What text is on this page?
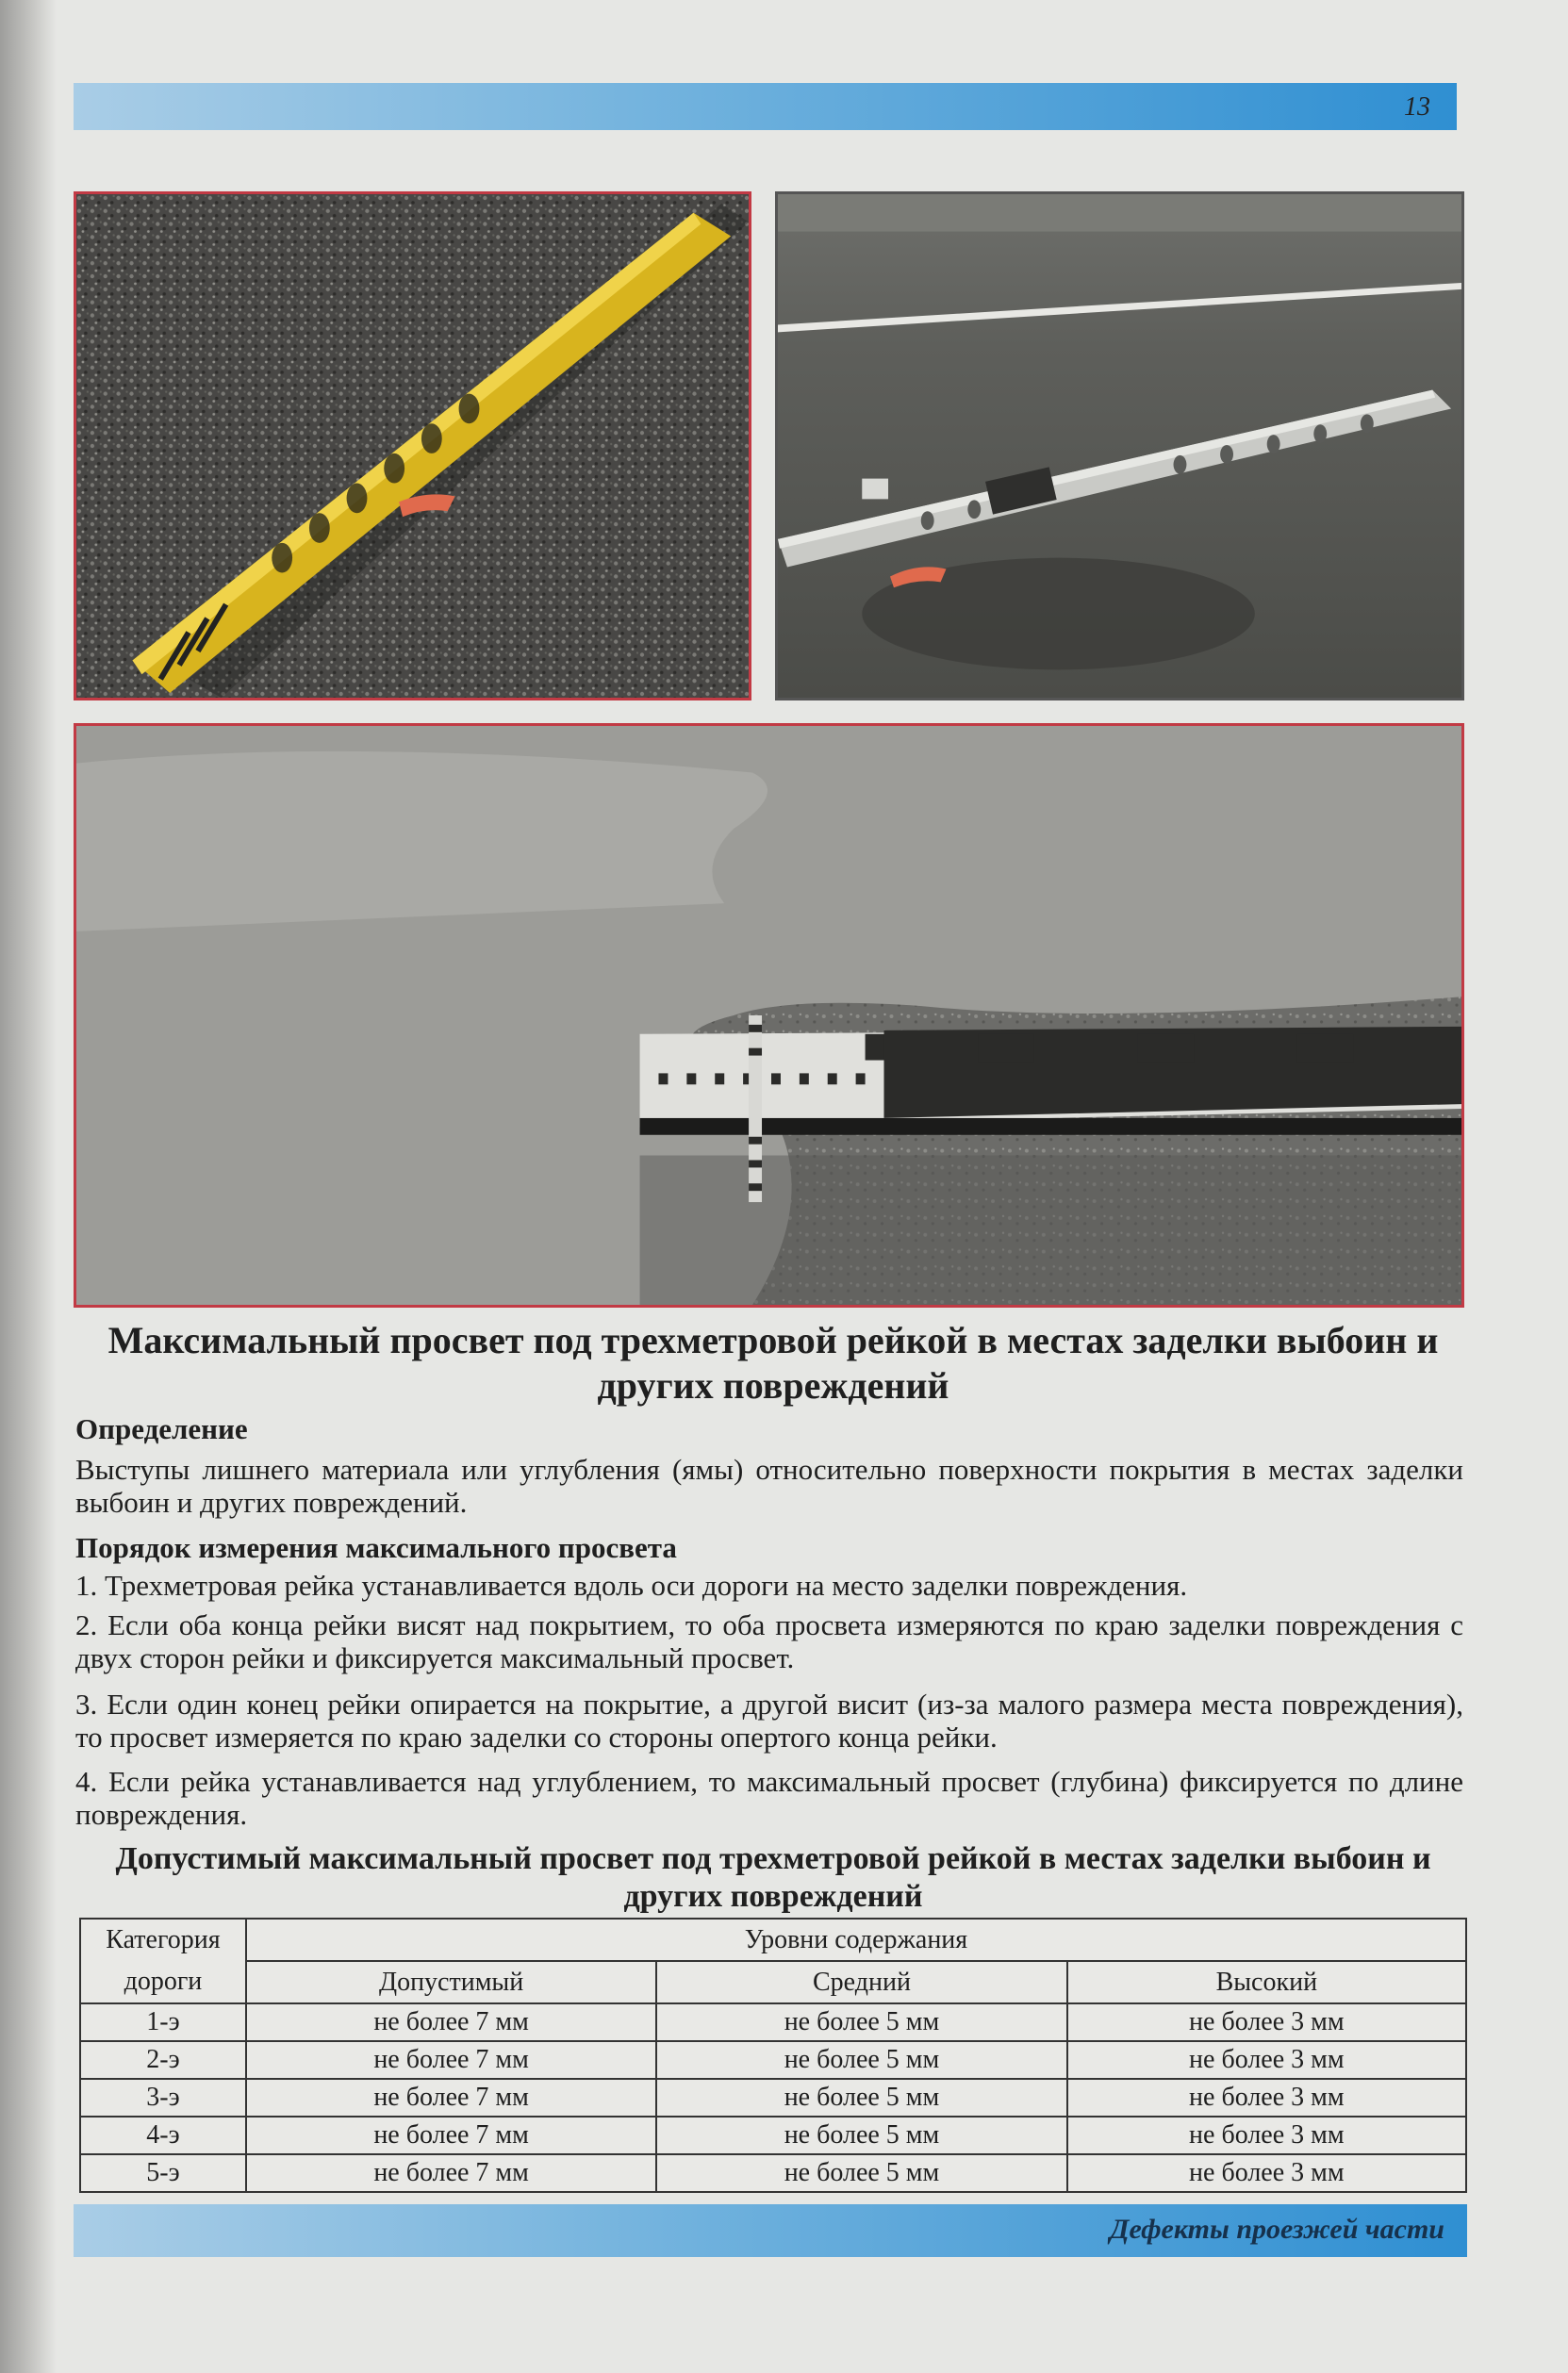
13
Максимальный просвет под трехметровой рейкой в местах заделки выбоин и других повреждений
Определение
Выступы лишнего материала или углубления (ямы) относительно поверхности покрытия в местах заделки выбоин и других повреждений.
Порядок измерения максимального просвета
1. Трехметровая рейка устанавливается вдоль оси дороги на место заделки повреждения.
2. Если оба конца рейки висят над покрытием, то оба просвета измеряются по краю заделки повреждения с двух сторон рейки и фиксируется максимальный просвет.
3. Если один конец рейки опирается на покрытие, а другой висит (из-за малого размера места повреждения), то просвет измеряется по краю заделки со стороны опертого конца рейки.
4. Если рейка устанавливается над углублением, то максимальный просвет (глубина) фиксируется по длине повреждения.
Допустимый максимальный просвет под трехметровой рейкой в местах заделки выбоин и других повреждений
Категория дороги	Уровни содержания		
	Допустимый	Средний	Высокий
1-э	не более 7 мм	не более 5 мм	не более 3 мм
2-э	не более 7 мм	не более 5 мм	не более 3 мм
3-э	не более 7 мм	не более 5 мм	не более 3 мм
4-э	не более 7 мм	не более 5 мм	не более 3 мм
5-э	не более 7 мм	не более 5 мм	не более 3 мм
Дефекты проезжей части
